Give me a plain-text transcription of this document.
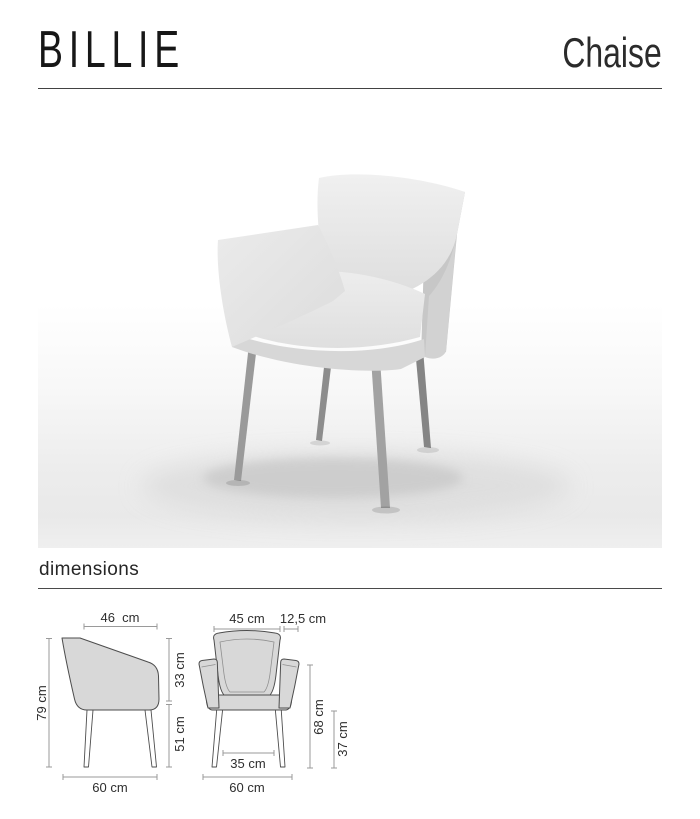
BILLIE	Chaise
dimensions
46  cm
79 cm
33 cm
51 cm
60 cm
45 cm 12,5 cm
68 cm
37 cm
35 cm
60 cm
